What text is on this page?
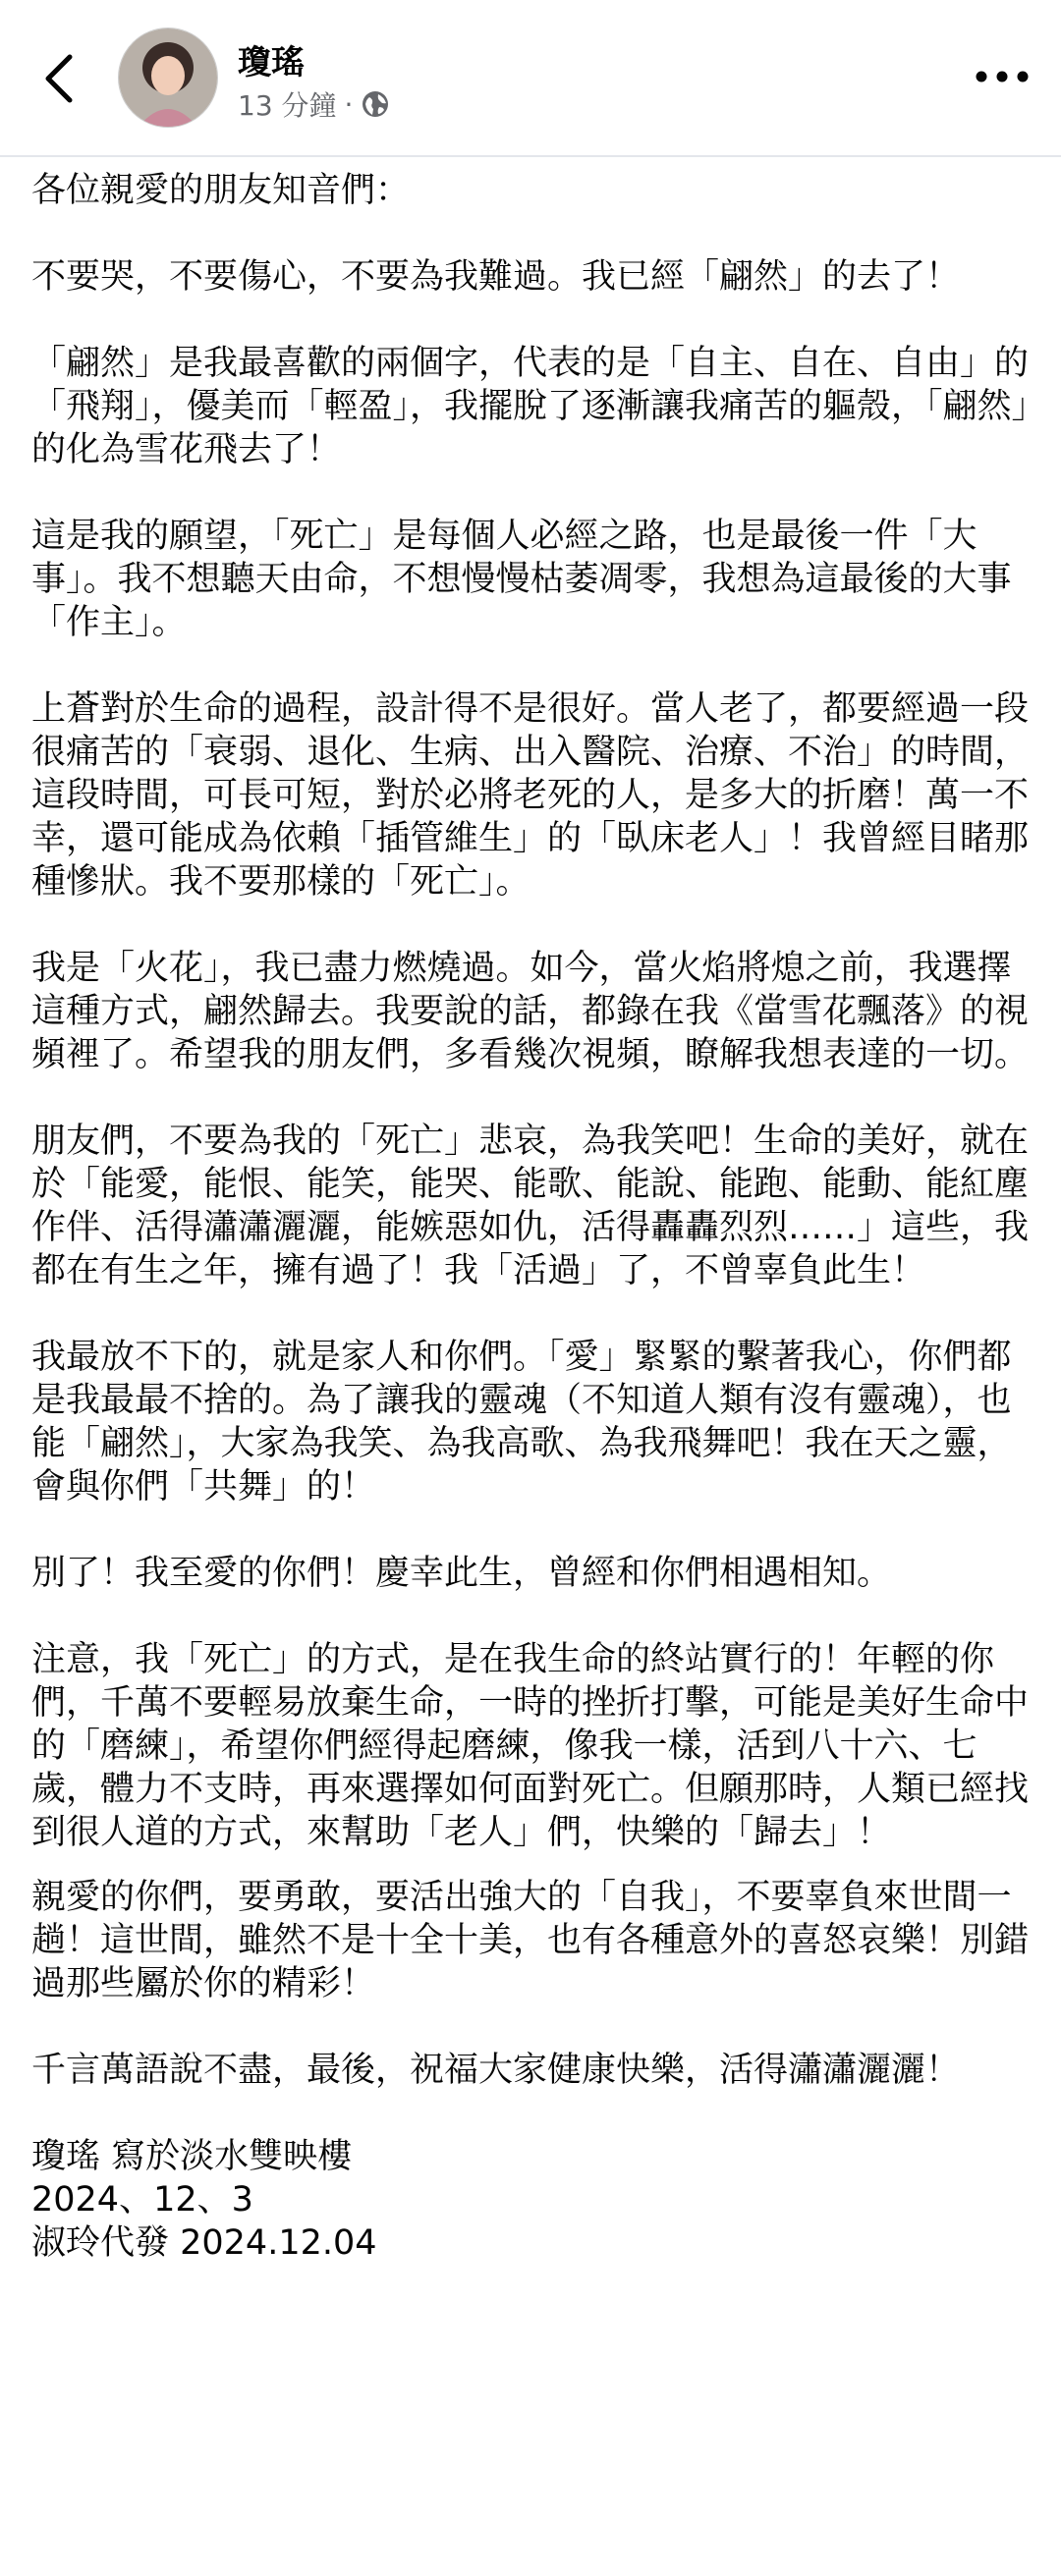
瓊瑤
13 分鐘 ·

各位親愛的朋友知音們：

不要哭，不要傷心，不要為我難過。我已經「翩然」的去了！

「翩然」是我最喜歡的兩個字，代表的是「自主、自在、自由」的「飛翔」，優美而「輕盈」，我擺脫了逐漸讓我痛苦的軀殼，「翩然」的化為雪花飛去了！

這是我的願望，「死亡」是每個人必經之路，也是最後一件「大事」。我不想聽天由命，不想慢慢枯萎凋零，我想為這最後的大事「作主」。

上蒼對於生命的過程，設計得不是很好。當人老了，都要經過一段很痛苦的「衰弱、退化、生病、出入醫院、治療、不治」的時間，這段時間，可長可短，對於必將老死的人，是多大的折磨！萬一不幸，還可能成為依賴「插管維生」的「臥床老人」！我曾經目睹那種慘狀。我不要那樣的「死亡」。

我是「火花」，我已盡力燃燒過。如今，當火焰將熄之前，我選擇這種方式，翩然歸去。我要說的話，都錄在我《當雪花飄落》的視頻裡了。希望我的朋友們，多看幾次視頻，瞭解我想表達的一切。

朋友們，不要為我的「死亡」悲哀，為我笑吧！生命的美好，就在於「能愛，能恨、能笑，能哭、能歌、能說、能跑、能動、能紅塵作伴、活得瀟瀟灑灑，能嫉惡如仇，活得轟轟烈烈……」這些，我都在有生之年，擁有過了！我「活過」了，不曾辜負此生！

我最放不下的，就是家人和你們。「愛」緊緊的繫著我心，你們都是我最最不捨的。為了讓我的靈魂（不知道人類有沒有靈魂），也能「翩然」，大家為我笑、為我高歌、為我飛舞吧！我在天之靈，會與你們「共舞」的！

別了！我至愛的你們！慶幸此生，曾經和你們相遇相知。

注意，我「死亡」的方式，是在我生命的終站實行的！年輕的你們，千萬不要輕易放棄生命，一時的挫折打擊，可能是美好生命中的「磨練」，希望你們經得起磨練，像我一樣，活到八十六、七歲，體力不支時，再來選擇如何面對死亡。但願那時，人類已經找到很人道的方式，來幫助「老人」們，快樂的「歸去」！

親愛的你們，要勇敢，要活出強大的「自我」，不要辜負來世間一趟！這世間，雖然不是十全十美，也有各種意外的喜怒哀樂！別錯過那些屬於你的精彩！

千言萬語說不盡，最後，祝福大家健康快樂，活得瀟瀟灑灑！

瓊瑤 寫於淡水雙映樓

2024、12、3

淑玲代發 2024.12.04
